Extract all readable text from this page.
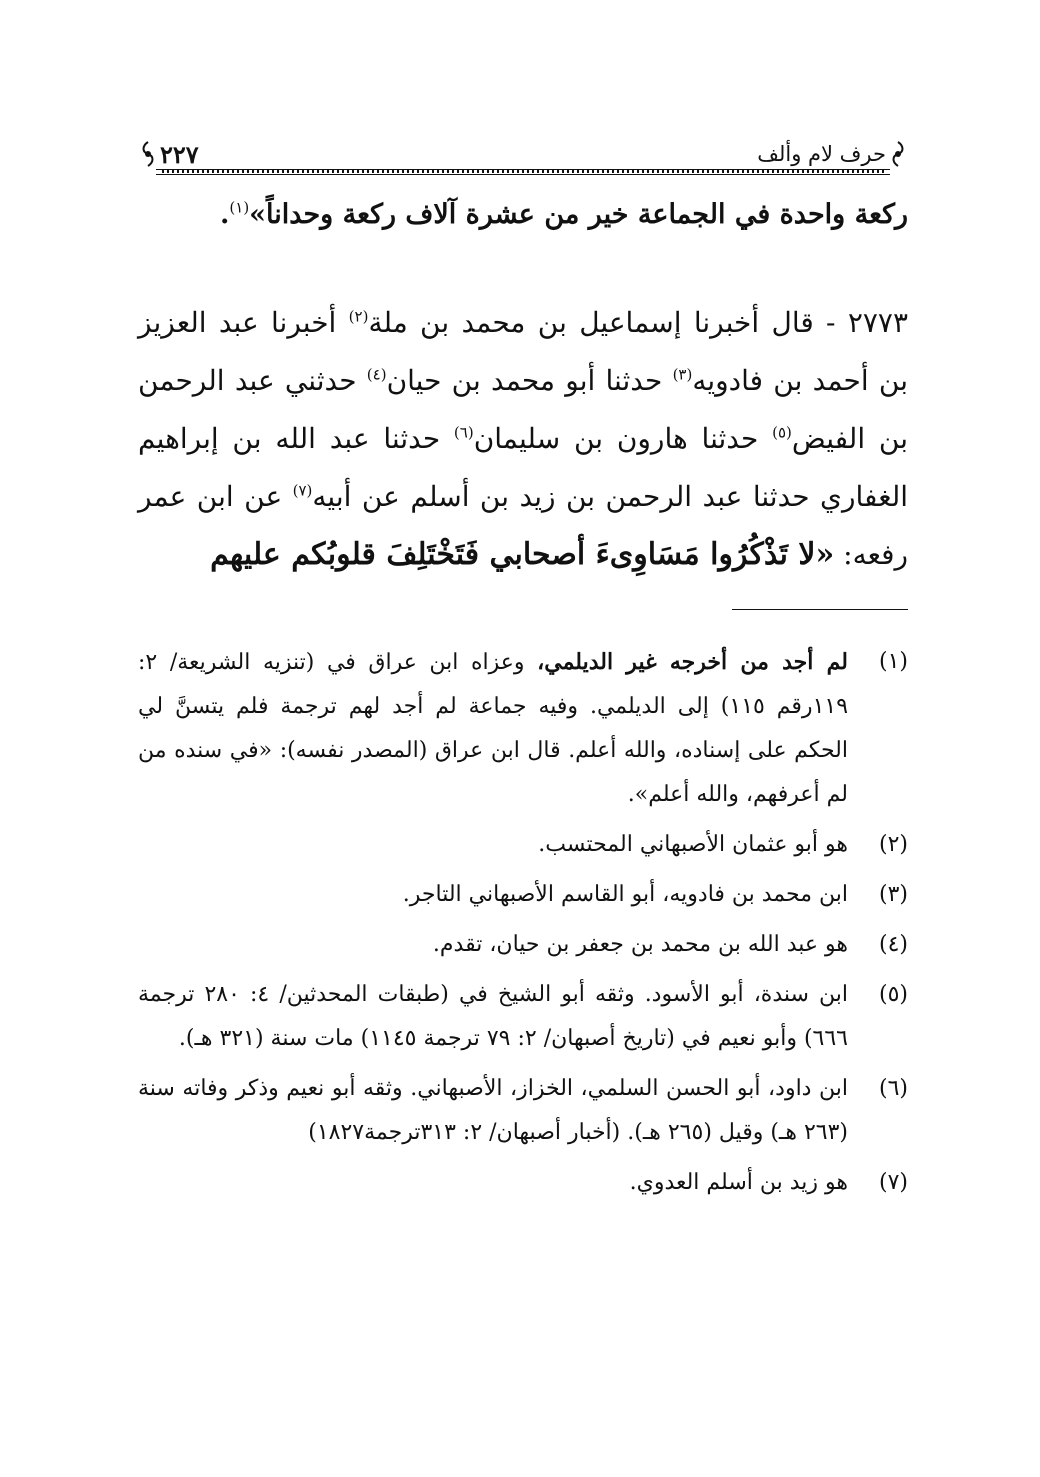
حرف لام وألف
٢٢٧

ركعة واحدة في الجماعة خير من عشرة آلاف ركعة وحداناً»$^{(١)}$.

٢٧٧٣ - قال أخبرنا إسماعيل بن محمد بن ملة$^{(٢)}$ أخبرنا عبد العزيز بن أحمد بن فادويه$^{(٣)}$ حدثنا أبو محمد بن حيان$^{(٤)}$ حدثني عبد الرحمن بن الفيض$^{(٥)}$ حدثنا هارون بن سليمان$^{(٦)}$ حدثنا عبد الله بن إبراهيم الغفاري حدثنا عبد الرحمن بن زيد بن أسلم عن أبيه$^{(٧)}$ عن ابن عمر رفعه: «لا تَذْكُرُوا مَسَاوِىءَ أصحابي فَتَخْتَلِفَ قلوبُكم عليهم

(١)
لم أجد من أخرجه غير الديلمي، وعزاه ابن عراق في (تنزيه الشريعة/ ٢: ١١٩رقم ١١٥) إلى الديلمي. وفيه جماعة لم أجد لهم ترجمة فلم يتسنَّ لي الحكم على إسناده، والله أعلم. قال ابن عراق (المصدر نفسه): «في سنده من لم أعرفهم، والله أعلم».
(٢)
هو أبو عثمان الأصبهاني المحتسب.
(٣)
ابن محمد بن فادويه، أبو القاسم الأصبهاني التاجر.
(٤)
هو عبد الله بن محمد بن جعفر بن حيان، تقدم.
(٥)
ابن سندة، أبو الأسود. وثقه أبو الشيخ في (طبقات المحدثين/ ٤: ٢٨٠ ترجمة ٦٦٦) وأبو نعيم في (تاريخ أصبهان/ ٢: ٧٩ ترجمة ١١٤٥) مات سنة (٣٢١ هـ).
(٦)
ابن داود، أبو الحسن السلمي، الخزاز، الأصبهاني. وثقه أبو نعيم وذكر وفاته سنة (٢٦٣ هـ) وقيل (٢٦٥ هـ). (أخبار أصبهان/ ٢: ٣١٣ترجمة١٨٢٧)
(٧)
هو زيد بن أسلم العدوي.
